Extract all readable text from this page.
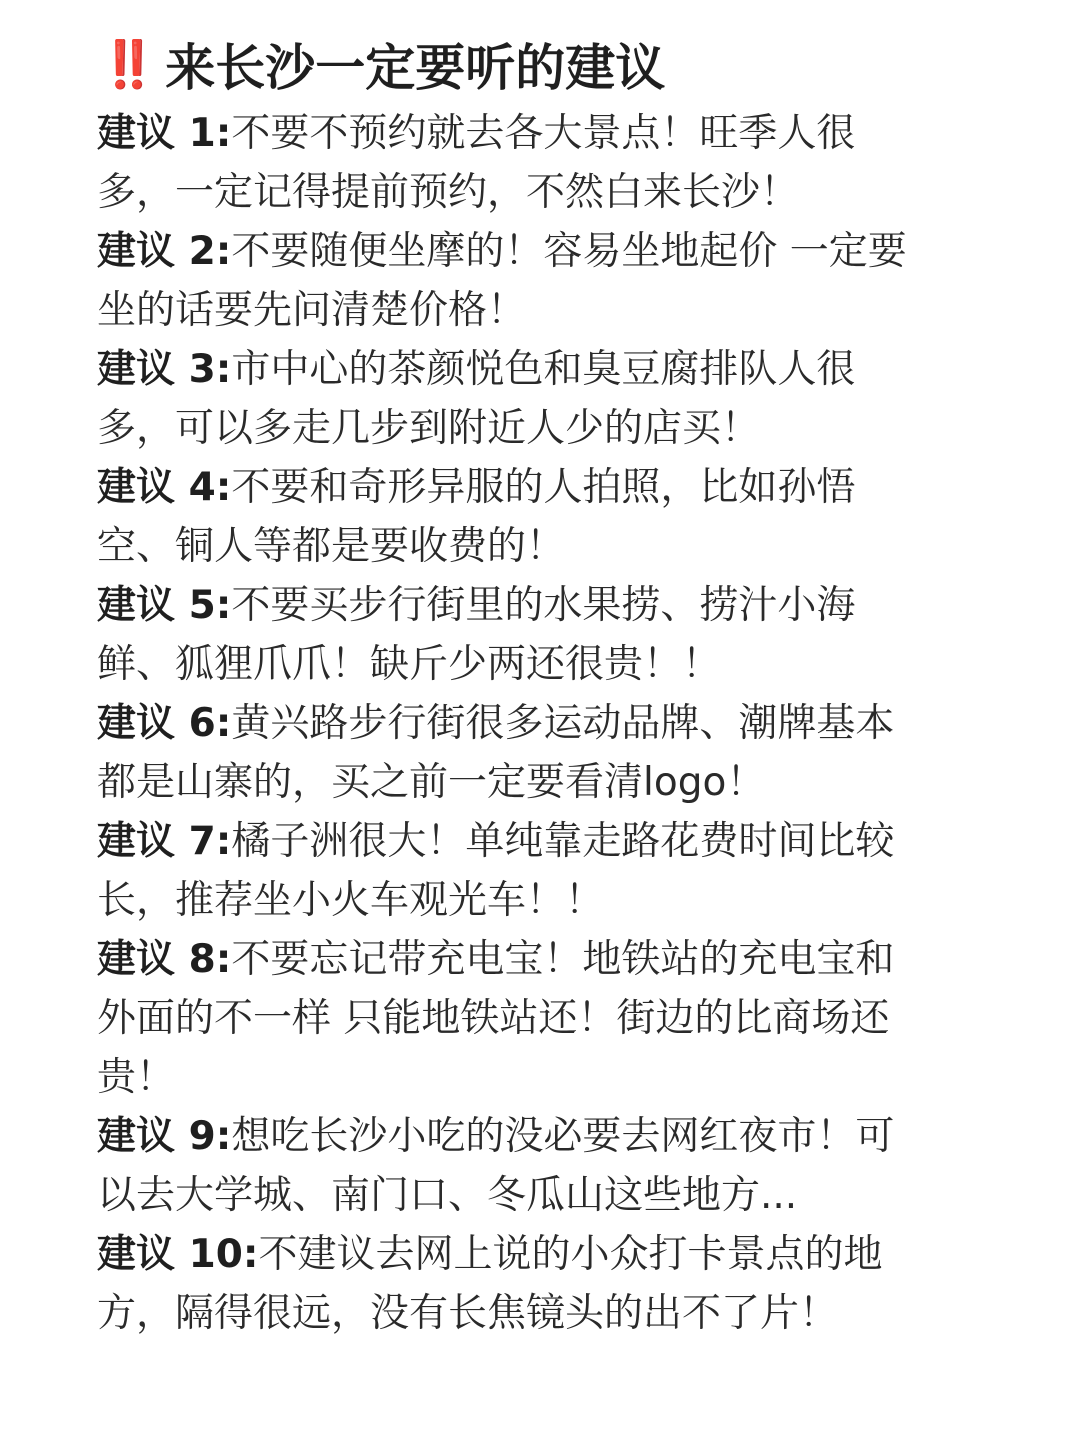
‼️ 来长沙一定要听的建议
建议 1:不要不预约就去各大景点！旺季人很多，一定记得提前预约，不然白来长沙！
建议 2:不要随便坐摩的！容易坐地起价 一定要坐的话要先问清楚价格！
建议 3:市中心的茶颜悦色和臭豆腐排队人很多，可以多走几步到附近人少的店买！
建议 4:不要和奇形异服的人拍照，比如孙悟空、铜人等都是要收费的！
建议 5:不要买步行街里的水果捞、捞汁小海鲜、狐狸爪爪！缺斤少两还很贵！！
建议 6:黄兴路步行街很多运动品牌、潮牌基本都是山寨的，买之前一定要看清logo！
建议 7:橘子洲很大！单纯靠走路花费时间比较长，推荐坐小火车观光车！！
建议 8:不要忘记带充电宝！地铁站的充电宝和外面的不一样 只能地铁站还！街边的比商场还贵！
建议 9:想吃长沙小吃的没必要去网红夜市！可以去大学城、南门口、冬瓜山这些地方...
建议 10:不建议去网上说的小众打卡景点的地方，隔得很远，没有长焦镜头的出不了片！
